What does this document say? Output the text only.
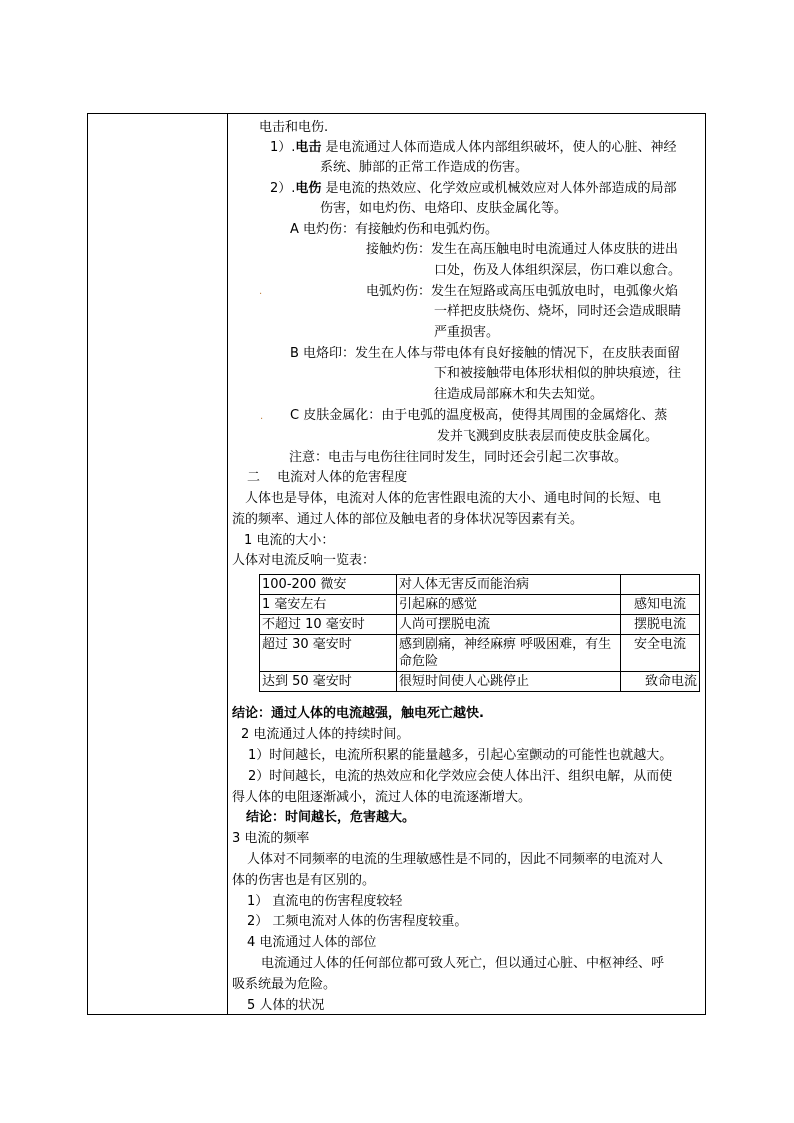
电击和电伤.
1）.电击 是电流通过人体而造成人体内部组织破坏，使人的心脏、神经
系统、肺部的正常工作造成的伤害。
2）.电伤 是电流的热效应、化学效应或机械效应对人体外部造成的局部
伤害，如电灼伤、电烙印、皮肤金属化等。
A 电灼伤：有接触灼伤和电弧灼伤。
接触灼伤：发生在高压触电时电流通过人体皮肤的进出
口处，伤及人体组织深层，伤口难以愈合。
.	电弧灼伤：发生在短路或高压电弧放电时，电弧像火焰
一样把皮肤烧伤、烧坏，同时还会造成眼睛
严重损害。
B 电烙印：发生在人体与带电体有良好接触的情况下，在皮肤表面留
下和被接触带电体形状相似的肿块痕迹，往
往造成局部麻木和失去知觉。
. C 皮肤金属化：由于电弧的温度极高，使得其周围的金属熔化、蒸
发并飞溅到皮肤表层而使皮肤金属化。
注意：电击与电伤往往同时发生，同时还会引起二次事故。
二　 电流对人体的危害程度
人体也是导体，电流对人体的危害性跟电流的大小、通电时间的长短、电
流的频率、通过人体的部位及触电者的身体状况等因素有关。
1 电流的大小：
人体对电流反响一览表：
100-200 微安	对人体无害反而能治病	
1 毫安左右	引起麻的感觉	感知电流
不超过 10 毫安时	人尚可摆脱电流	摆脱电流
超过 30 毫安时	感到剧痛，神经麻痹 呼吸困难，有生命危险	安全电流
达到 50 毫安时	很短时间使人心跳停止	致命电流
结论：通过人体的电流越强，触电死亡越快.
2 电流通过人体的持续时间。
1）时间越长，电流所积累的能量越多，引起心室颤动的可能性也就越大。
2）时间越长，电流的热效应和化学效应会使人体出汗、组织电解，从而使
得人体的电阻逐渐减小，流过人体的电流逐渐增大。
结论：时间越长，危害越大。
3 电流的频率
人体对不同频率的电流的生理敏感性是不同的，因此不同频率的电流对人
体的伤害也是有区别的。
1） 直流电的伤害程度较轻
2） 工频电流对人体的伤害程度较重。
4 电流通过人体的部位
电流通过人体的任何部位都可致人死亡，但以通过心脏、中枢神经、呼
吸系统最为危险。
5 人体的状况
